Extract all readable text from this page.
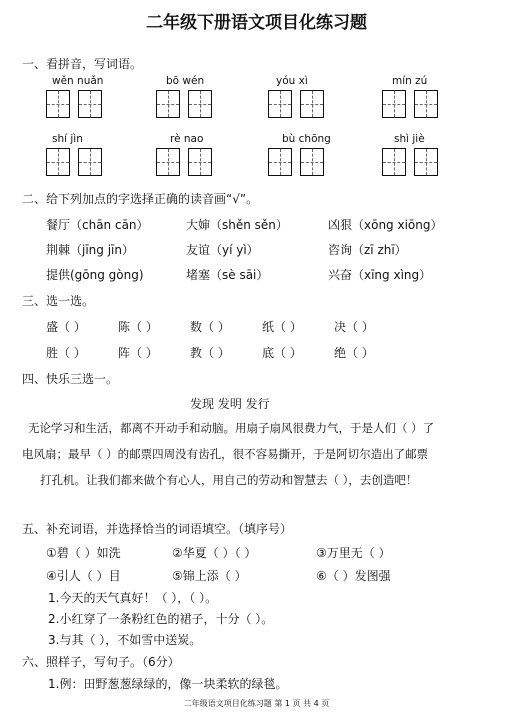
二年级下册语文项目化练习题
一、看拼音，写词语。
wěn nuǎn	bō wén	yóu xì	mín zú
shí jìn	rè nao	bù chōng	shì jiè
二、给下列加点的字选择正确的读音画“√”。
餐厅（chān cān）	大婶（shěn sěn）	凶狠（xōng xiōng）
荆棘（jīng jīn）	友谊（yí yì）	咨询（zī zhī）
提供(gōng gòng)	堵塞（sè sāi）	兴奋（xīng xìng）
三、选一选。
盛（ ）	陈（ ）	数（ ）	纸（ ）	决（ ）
胜（ ）	阵（ ）	教（ ）	底（ ）	绝（ ）
四、快乐三选一。
发现 发明 发行
无论学习和生活，都离不开动手和动脑。用扇子扇风很费力气，于是人们（ ）了
电风扇；最早（ ）的邮票四周没有齿孔，很不容易撕开，于是阿切尔造出了邮票
打孔机。让我们都来做个有心人，用自己的劳动和智慧去（ ），去创造吧！
五、补充词语，并选择恰当的词语填空。（填序号）
①碧（ ）如洗	②华夏（ ）（ ）	③万里无（ ）
④引人（ ）目	⑤锦上添（ ）	⑥（ ）发图强
1.今天的天气真好！（ ），（ ）。
2.小红穿了一条粉红色的裙子，十分（ ）。
3.与其（ ），不如雪中送炭。
六、照样子，写句子。（6分）
1.例：田野葱葱绿绿的，像一块柔软的绿毯。
二年级语文项目化练习题 第 1 页 共 4 页
